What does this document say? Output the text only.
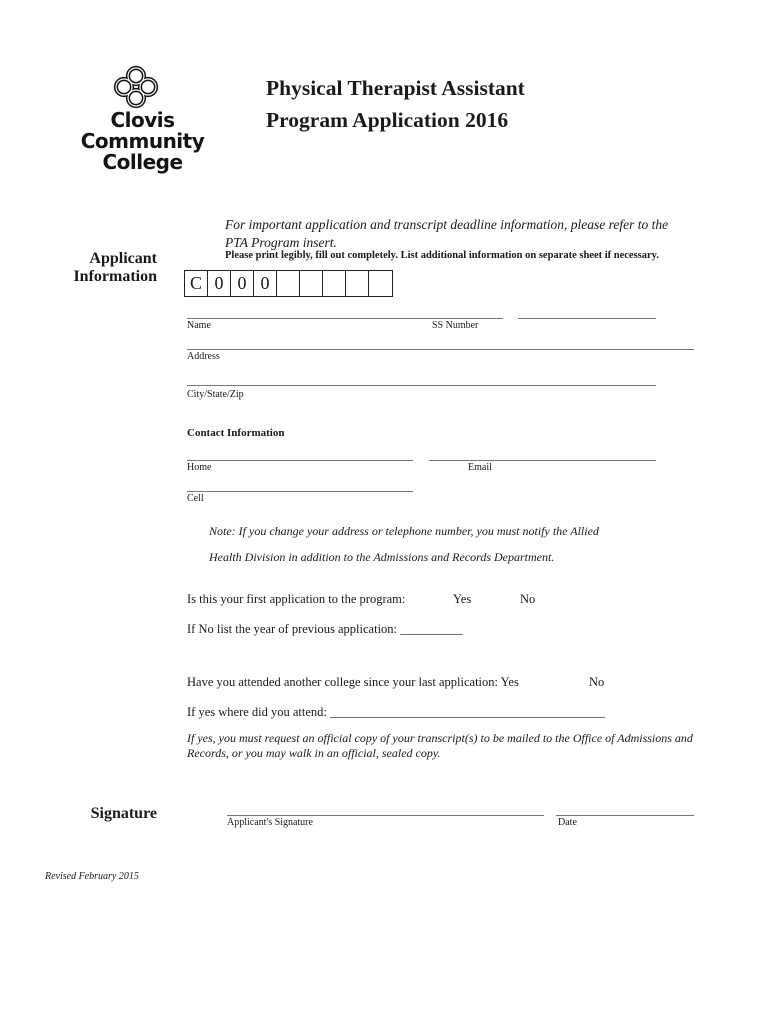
Clovis
Community
College
Physical Therapist Assistant
Program Application 2016
For important application and transcript deadline information, please refer to the PTA Program insert.
Please print legibly, fill out completely. List additional information on separate sheet if necessary.
Applicant
Information C 0 0 0
Name	SS Number
Address
City/State/Zip
Contact Information
Home	Email
Cell
Note: If you change your address or telephone number, you must notify the Allied
Health Division in addition to the Admissions and Records Department.
Is this your first application to the program:	Yes	No
If No list the year of previous application: __________
Have you attended another college since your last application: Yes	No
If yes where did you attend: ____________________________________________
If yes, you must request an official copy of your transcript(s) to be mailed to the Office of Admissions and
Records, or you may walk in an official, sealed copy.
Signature
Applicant's Signature	Date
Revised February 2015
